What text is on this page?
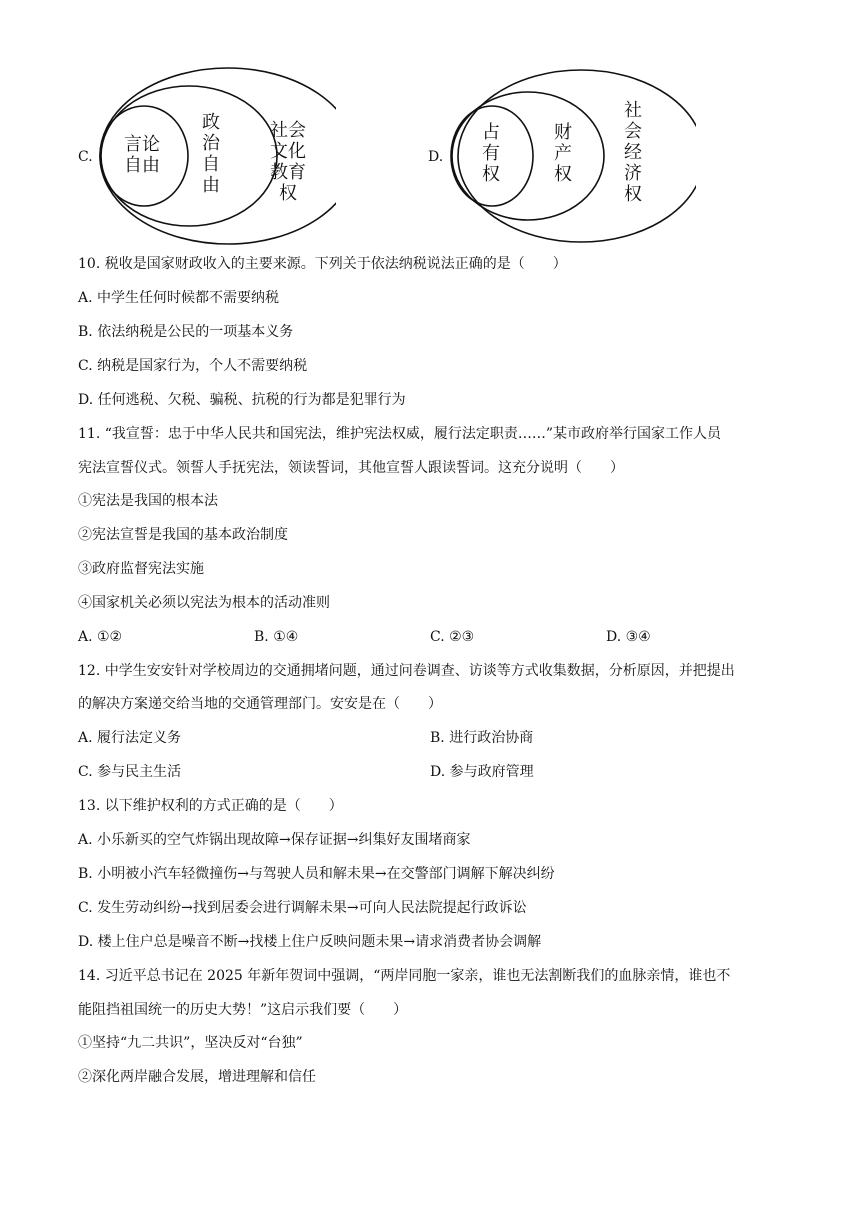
C.
言论
自由
政
治
自
由
社会
文化
教育
权
D.
占
有
权
财
产
权
社
会
经
济
权
10. 税收是国家财政收入的主要来源。下列关于依法纳税说法正确的是（　　）
A. 中学生任何时候都不需要纳税
B. 依法纳税是公民的一项基本义务
C. 纳税是国家行为，个人不需要纳税
D. 任何逃税、欠税、骗税、抗税的行为都是犯罪行为
11. “我宣誓：忠于中华人民共和国宪法，维护宪法权威，履行法定职责……”某市政府举行国家工作人员
宪法宣誓仪式。领誓人手抚宪法，领读誓词，其他宣誓人跟读誓词。这充分说明（　　）
①宪法是我国的根本法
②宪法宣誓是我国的基本政治制度
③政府监督宪法实施
④国家机关必须以宪法为根本的活动准则
A. ①②	B. ①④	C. ②③	D. ③④
12. 中学生安安针对学校周边的交通拥堵问题，通过问卷调查、访谈等方式收集数据，分析原因，并把提出
的解决方案递交给当地的交通管理部门。安安是在（　　）
A. 履行法定义务	B. 进行政治协商
C. 参与民主生活	D. 参与政府管理
13. 以下维护权利的方式正确的是（　　）
A. 小乐新买的空气炸锅出现故障→保存证据→纠集好友围堵商家
B. 小明被小汽车轻微撞伤→与驾驶人员和解未果→在交警部门调解下解决纠纷
C. 发生劳动纠纷→找到居委会进行调解未果→可向人民法院提起行政诉讼
D. 楼上住户总是噪音不断→找楼上住户反映问题未果→请求消费者协会调解
14. 习近平总书记在 2025 年新年贺词中强调，“两岸同胞一家亲，谁也无法割断我们的血脉亲情，谁也不
能阻挡祖国统一的历史大势！”这启示我们要（　　）
①坚持“九二共识”，坚决反对“台独”
②深化两岸融合发展，增进理解和信任
